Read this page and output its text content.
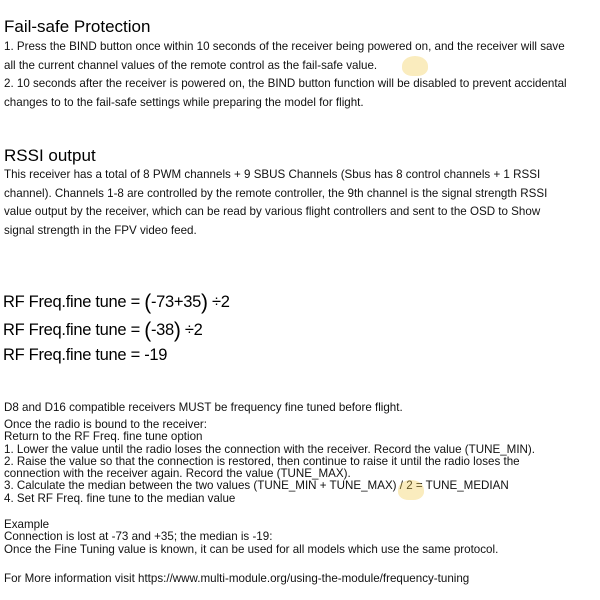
Fail-safe Protection
1. Press the BIND button once within 10 seconds of the receiver being powered on, and the receiver will save
all the current channel values of the remote control as the fail-safe value.
2. 10 seconds after the receiver is powered on, the BIND button function will be disabled to prevent accidental
changes to to the fail-safe settings while preparing the model for flight.
RSSI output
This receiver has a total of 8 PWM channels + 9 SBUS Channels (Sbus has 8 control channels + 1 RSSI
channel). Channels 1-8 are controlled by the remote controller, the 9th channel is the signal strength RSSI
value output by the receiver, which can be read by various flight controllers and sent to the OSD to Show
signal strength in the FPV video feed.
RF Freq.fine tune = (-73+35) ÷2
RF Freq.fine tune = (-38) ÷2
RF Freq.fine tune = -19
D8 and D16 compatible receivers MUST be frequency fine tuned before flight.
Once the radio is bound to the receiver:
Return to the RF Freq. fine tune option
1. Lower the value until the radio loses the connection with the receiver. Record the value (TUNE_MIN).
2. Raise the value so that the connection is restored, then continue to raise it until the radio loses the
connection with the receiver again. Record the value (TUNE_MAX).
3. Calculate the median between the two values (TUNE_MIN + TUNE_MAX) / 2 = TUNE_MEDIAN
4. Set RF Freq. fine tune to the median value
Example
Connection is lost at -73 and +35; the median is -19:
Once the Fine Tuning value is known, it can be used for all models which use the same protocol.
For More information visit https://www.multi-module.org/using-the-module/frequency-tuning
